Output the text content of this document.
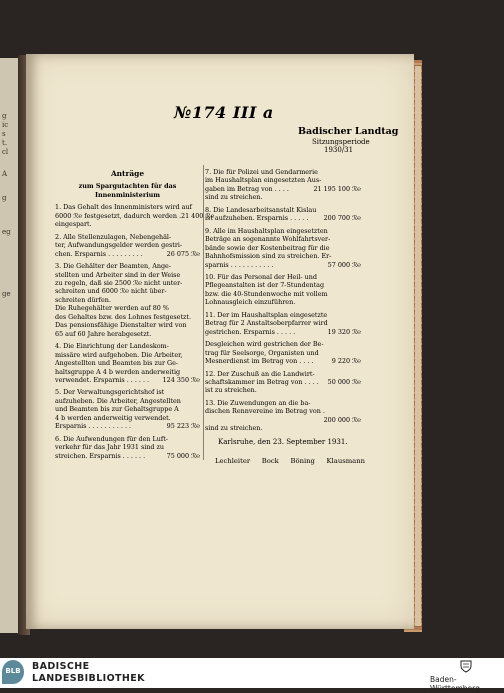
g
ic
s
t.
cl
A
g
eg
ge
№174 III a
Badischer Landtag
Sitzungsperiode
1930/31

Anträge

zum Spargutachten für das

Innenministerium

1. Das Gehalt des Innenministers wird auf

6000 ℛ℮ festgesetzt, dadurch werden . 21 400 ℛ℮

eingespart.

2. Alle Stellenzulagen, Nebengehäl-

ter, Aufwandungsgelder werden gestri-

chen. Ersparnis . . . . . . . . .	26 075 ℛ℮

3. Die Gehälter der Beamten, Ange-

stellten und Arbeiter sind in der Weise

zu regeln, daß sie 2500 ℛ℮ nicht unter-

schreiten und 6000 ℛ℮ nicht über-

schreiten dürfen.

Die Ruhegehälter werden auf 80 %

des Gehaltes bzw. des Lohnes festgesetzt.

Das pensionsfähige Dienstalter wird von

65 auf 60 Jahre herabgesetzt.

4. Die Einrichtung der Landeskom-

missäre wird aufgehoben. Die Arbeiter,

Angestellten und Beamten bis zur Ge-

haltsgruppe A 4 b werden anderweitig

verwendet. Ersparnis . . . . . . 124 350 ℛ℮

5. Der Verwaltungsgerichtshof ist

aufzuheben. Die Arbeiter, Angestellten

und Beamten bis zur Gehaltsgruppe A

4 b werden anderweitig verwendet.

Ersparnis . . . . . . . . . . .	95 223 ℛ℮

6. Die Aufwendungen für den Luft-

verkehr für das Jahr 1931 sind zu

streichen. Ersparnis . . . . . .	75 000 ℛ℮

7. Die für Polizei und Gendarmerie

im Haushaltsplan eingesetzten Aus-

gaben im Betrag von . . . .	21 195 100 ℛ℮

sind zu streichen.

8. Die Landesarbeitsanstalt Kislau

ist aufzuheben. Ersparnis . . . . . 200 700 ℛ℮

9. Alle im Haushaltsplan eingesetzten

Beträge an sogenannte Wohlfahrtsver-

bände sowie der Kostenbeitrag für die

Bahnhofsmission sind zu streichen. Er-

sparnis . . . . . . . . . . .	57 000 ℛ℮

10. Für das Personal der Heil- und

Pflegeanstalten ist der 7-Stundentag

bzw. die 40-Stundenwoche mit vollem

Lohnausgleich einzuführen.

11. Der im Haushaltsplan eingesetzte

Betrag für 2 Anstaltsoberpfarrer wird

gestrichen. Ersparnis . . . . .	19 320 ℛ℮

Desgleichen wird gestrichen der Be-

trag für Seelsorge, Organisten und

Mesnerdienst im Betrag von . . . .	9 220 ℛ℮

12. Der Zuschuß an die Landwirt-

schaftskammer im Betrag von . . . . 50 000 ℛ℮

ist zu streichen.

13. Die Zuwendungen an die ba-

dischen Rennvereine im Betrag von .

200 000 ℛ℮

sind zu streichen.

Karlsruhe, den 23. September 1931.
Lechleiter Bock Böning Klausmann
BLB BADISCHE
LANDESBIBLIOTHEK	Baden-Württemberg
